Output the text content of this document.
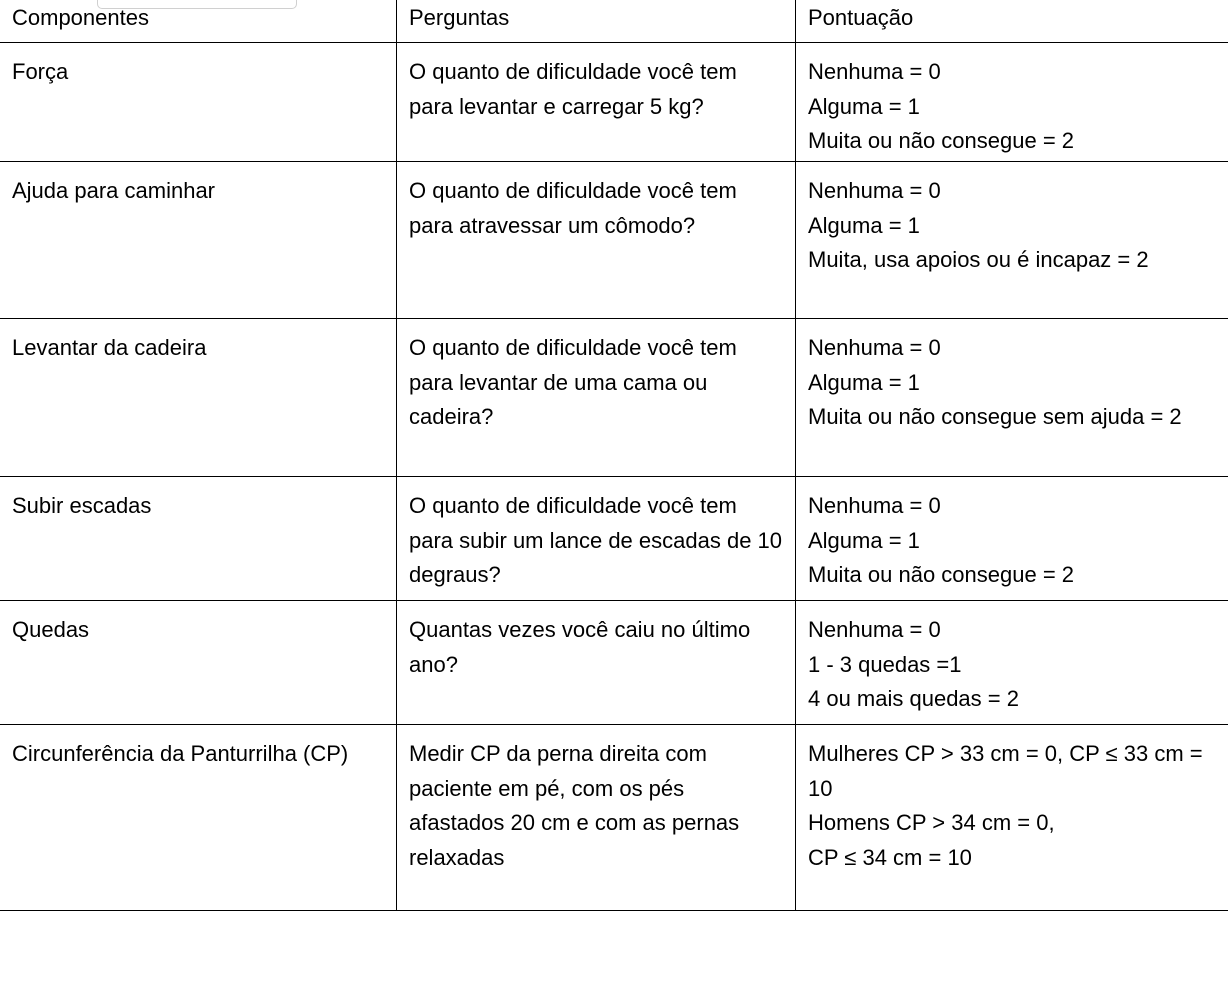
Componentes	Perguntas	Pontuação
Força	O quanto de dificuldade você tem para levantar e carregar 5 kg?	Nenhuma = 0
Alguma = 1
Muita ou não consegue = 2

Ajuda para caminhar	O quanto de dificuldade você tem para atravessar um cômodo?	Nenhuma = 0
Alguma = 1
Muita, usa apoios ou é incapaz = 2

Levantar da cadeira	O quanto de dificuldade você tem para levantar de uma cama ou cadeira?	Nenhuma = 0
Alguma = 1
Muita ou não consegue sem ajuda = 2

Subir escadas	O quanto de dificuldade você tem para subir um lance de escadas de 10 degraus?	Nenhuma = 0
Alguma = 1
Muita ou não consegue = 2

Quedas	Quantas vezes você caiu no último ano?	Nenhuma = 0
1 - 3 quedas =1
4 ou mais quedas = 2

Circunferência da Panturrilha (CP)	Medir CP da perna direita com paciente em pé, com os pés afastados 20 cm e com as pernas relaxadas	Mulheres CP > 33 cm = 0, CP ≤ 33 cm = 10
Homens CP > 34 cm = 0,
CP ≤ 34 cm = 10
